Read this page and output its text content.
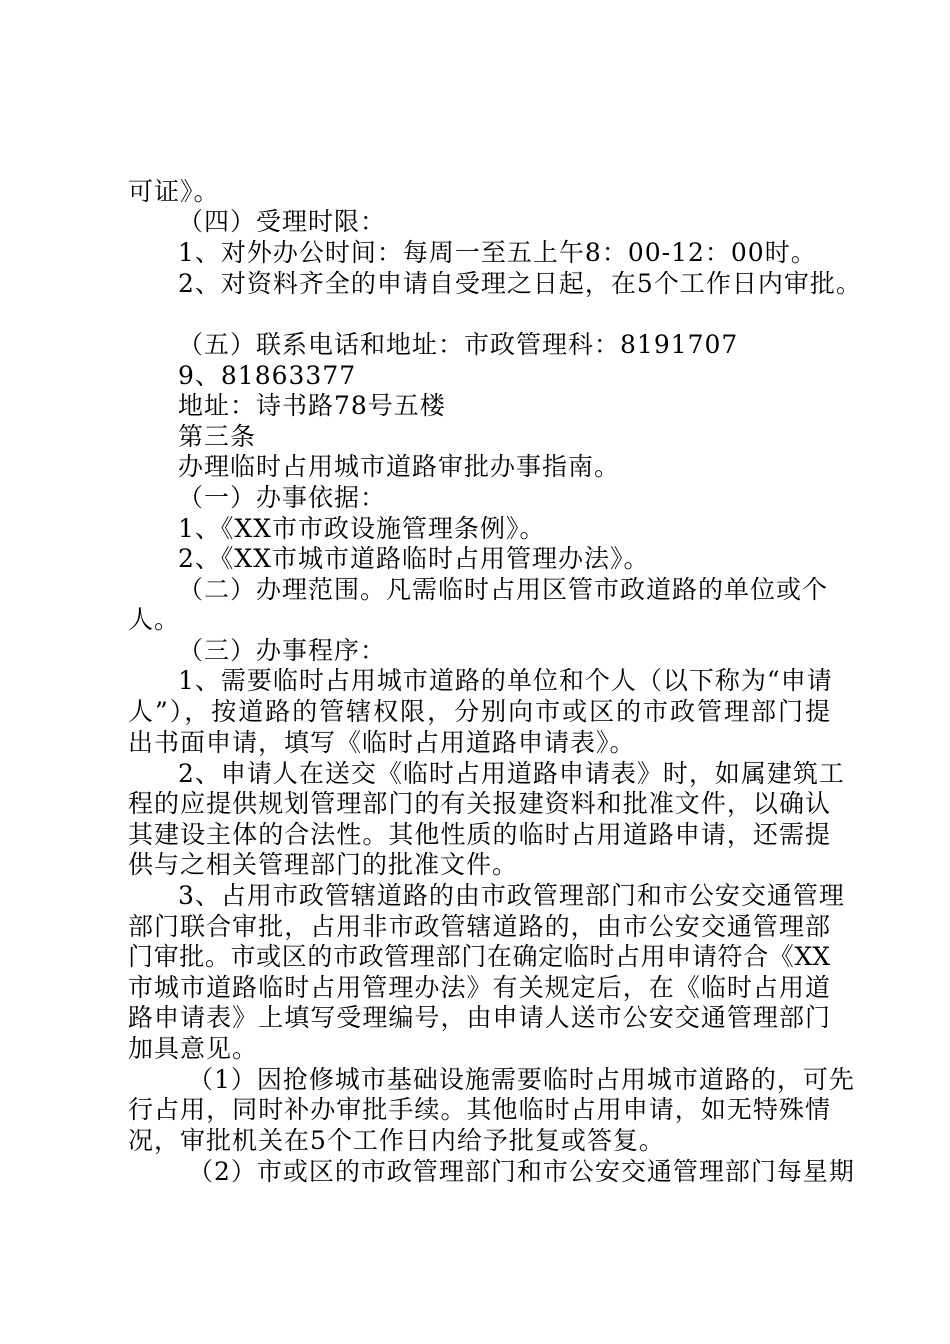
可证》。
（四）受理时限：
1、对外办公时间：每周一至五上午8：00-12：00时。
2、对资料齐全的申请自受理之日起，在5个工作日内审批。
（五）联系电话和地址：市政管理科：8191707
9、81863377
地址：诗书路78号五楼
第三条
办理临时占用城市道路审批办事指南。
（一）办事依据：
1、《XX市市政设施管理条例》。
2、《XX市城市道路临时占用管理办法》。
（二）办理范围。凡需临时占用区管市政道路的单位或个
人。
（三）办事程序：
1、需要临时占用城市道路的单位和个人（以下称为“申请
人”），按道路的管辖权限，分别向市或区的市政管理部门提
出书面申请，填写《临时占用道路申请表》。
2、申请人在送交《临时占用道路申请表》时，如属建筑工
程的应提供规划管理部门的有关报建资料和批准文件，以确认
其建设主体的合法性。其他性质的临时占用道路申请，还需提
供与之相关管理部门的批准文件。
3、占用市政管辖道路的由市政管理部门和市公安交通管理
部门联合审批，占用非市政管辖道路的，由市公安交通管理部
门审批。市或区的市政管理部门在确定临时占用申请符合《XX
市城市道路临时占用管理办法》有关规定后，在《临时占用道
路申请表》上填写受理编号，由申请人送市公安交通管理部门
加具意见。
（1）因抢修城市基础设施需要临时占用城市道路的，可先
行占用，同时补办审批手续。其他临时占用申请，如无特殊情
况，审批机关在5个工作日内给予批复或答复。
（2）市或区的市政管理部门和市公安交通管理部门每星期
